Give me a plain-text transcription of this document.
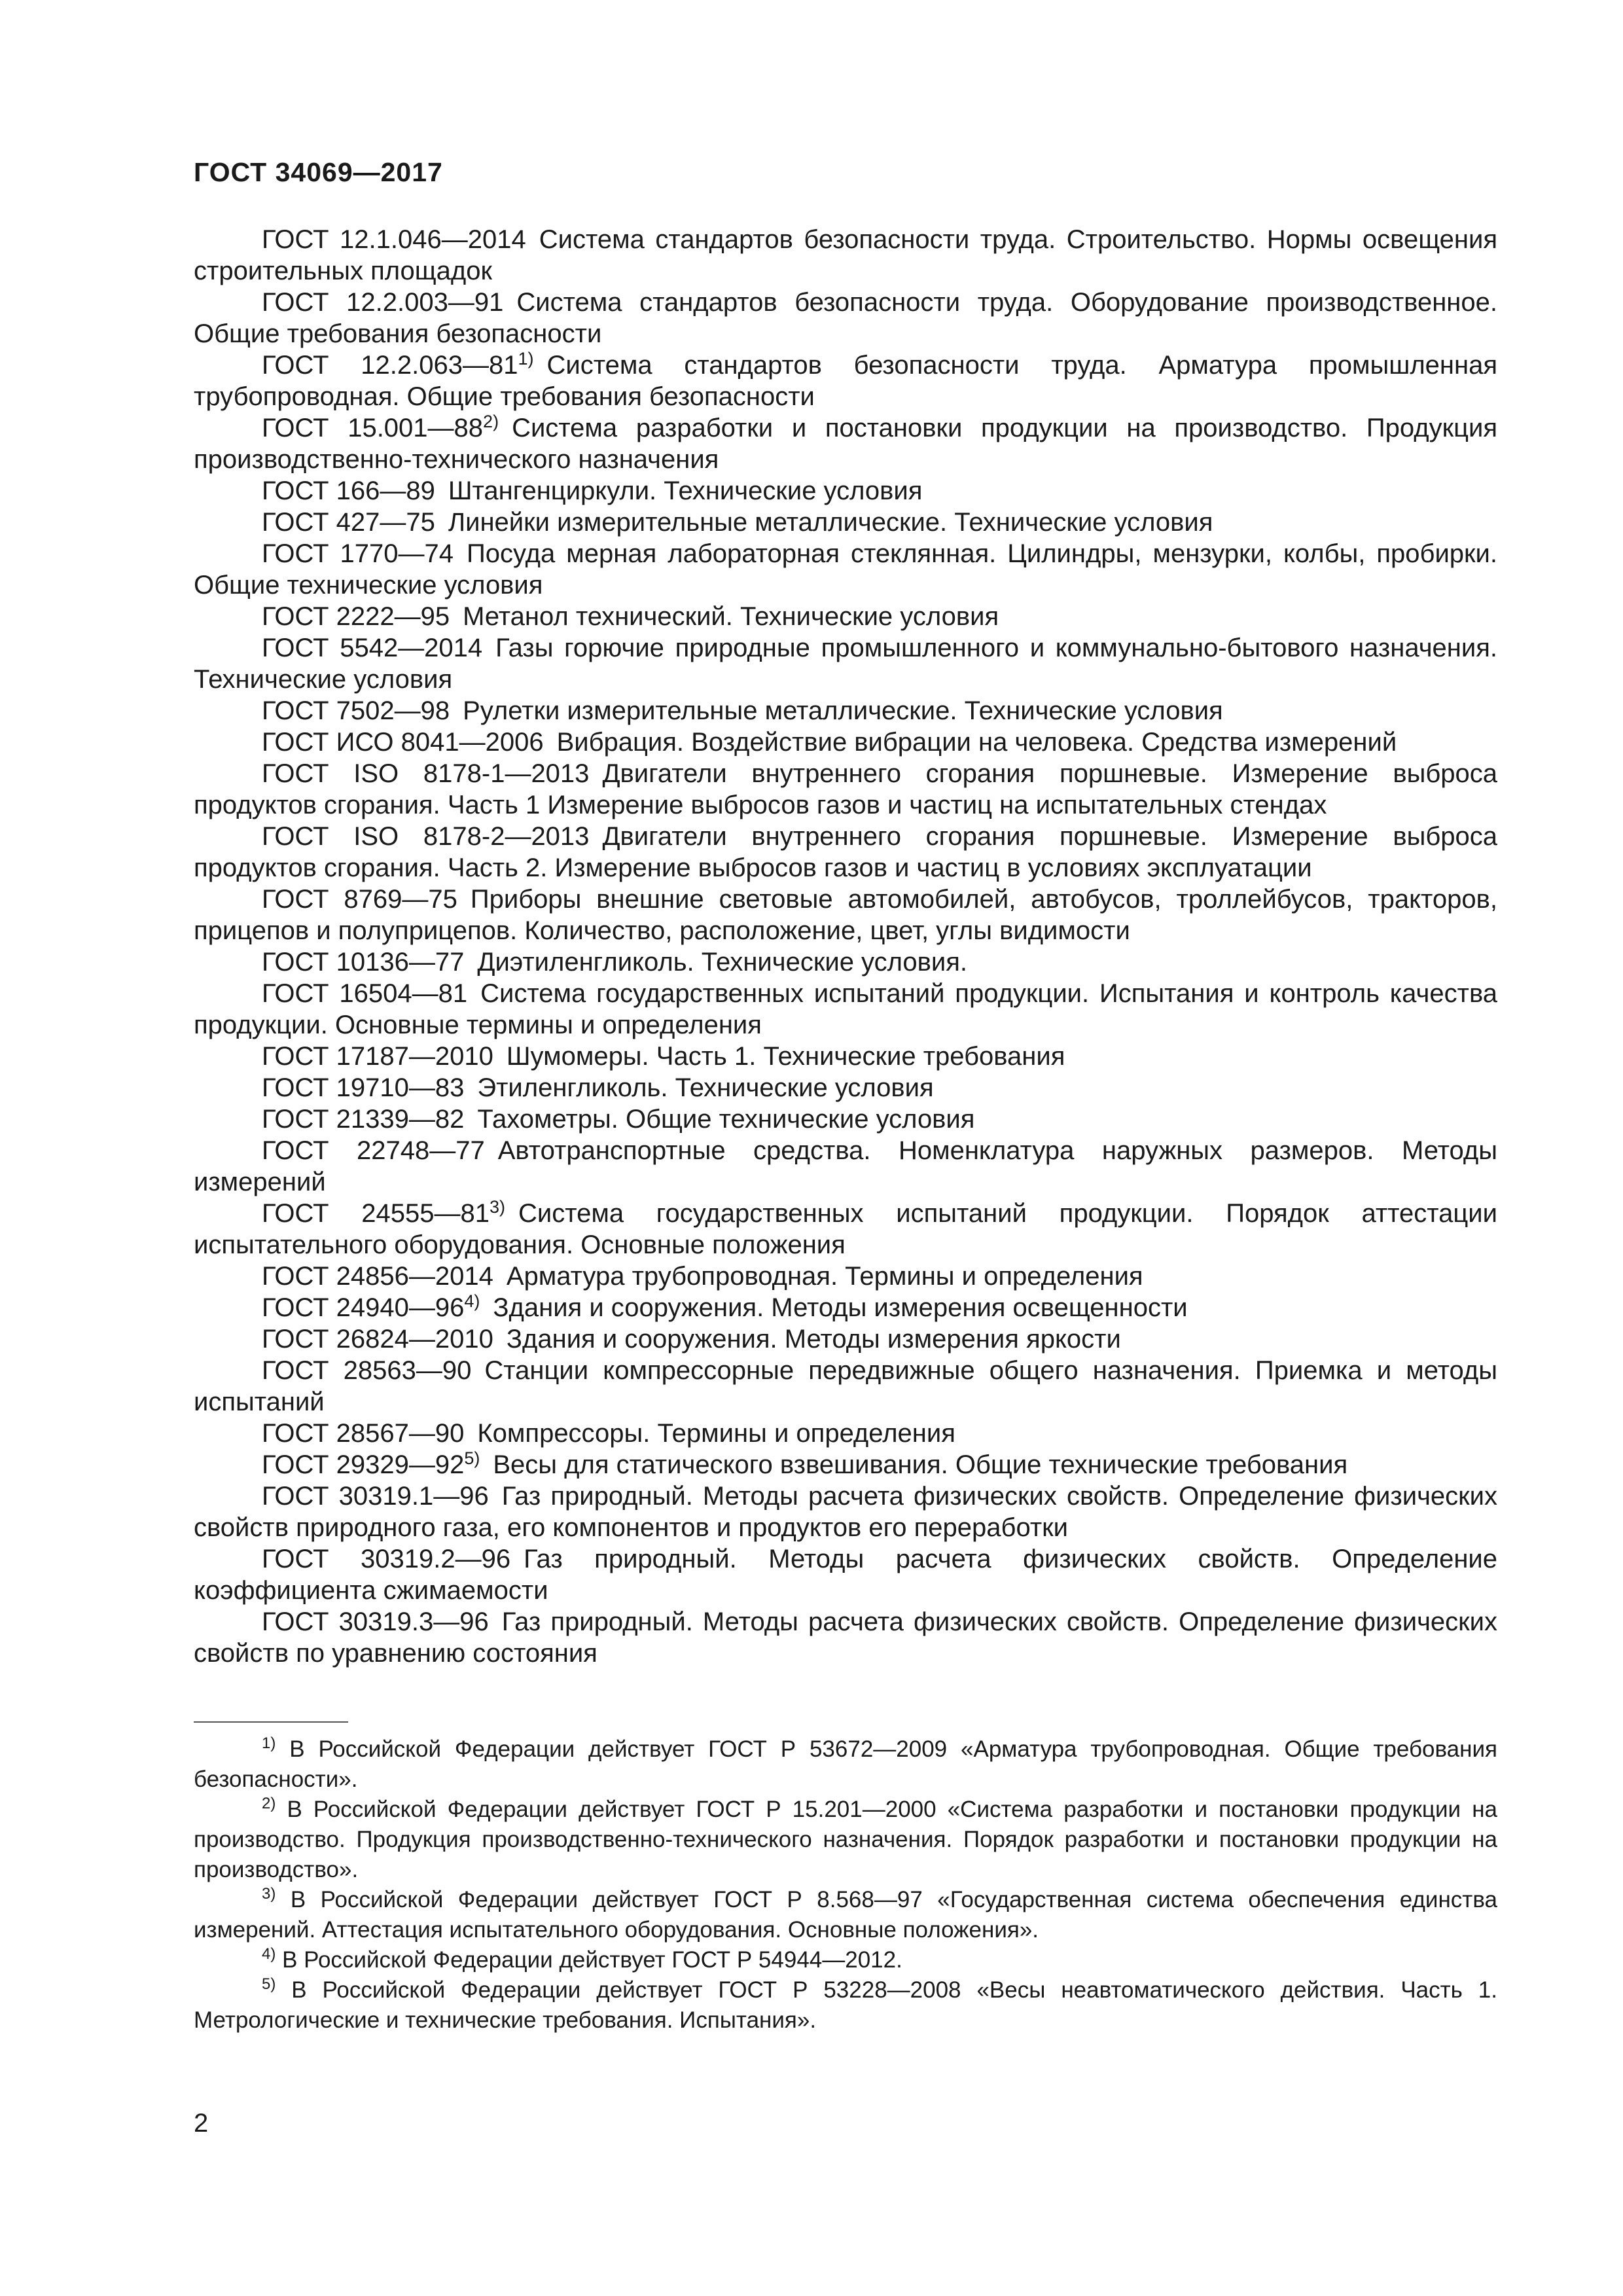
ГОСТ 34069—2017

ГОСТ 12.1.046—2014  Система стандартов безопасности труда. Строительство. Нормы освещения строительных площадок

ГОСТ 12.2.003—91  Система стандартов безопасности труда. Оборудование производственное. Общие требования безопасности

ГОСТ 12.2.063—81$^{1)}$  Система стандартов безопасности труда. Арматура промышленная трубопроводная. Общие требования безопасности

ГОСТ 15.001—88$^{2)}$  Система разработки и постановки продукции на производство. Продукция производственно-технического назначения

ГОСТ 166—89  Штангенциркули. Технические условия

ГОСТ 427—75  Линейки измерительные металлические. Технические условия

ГОСТ 1770—74  Посуда мерная лабораторная стеклянная. Цилиндры, мензурки, колбы, пробирки. Общие технические условия

ГОСТ 2222—95  Метанол технический. Технические условия

ГОСТ 5542—2014  Газы горючие природные промышленного и коммунально-бытового назначения. Технические условия

ГОСТ 7502—98  Рулетки измерительные металлические. Технические условия

ГОСТ ИСО 8041—2006  Вибрация. Воздействие вибрации на человека. Средства измерений

ГОСТ ISO 8178-1—2013  Двигатели внутреннего сгорания поршневые. Измерение выброса продуктов сгорания. Часть 1 Измерение выбросов газов и частиц на испытательных стендах

ГОСТ ISO 8178-2—2013  Двигатели внутреннего сгорания поршневые. Измерение выброса продуктов сгорания. Часть 2. Измерение выбросов газов и частиц в условиях эксплуатации

ГОСТ 8769—75  Приборы внешние световые автомобилей, автобусов, троллейбусов, тракторов, прицепов и полуприцепов. Количество, расположение, цвет, углы видимости

ГОСТ 10136—77  Диэтиленгликоль. Технические условия.

ГОСТ 16504—81  Система государственных испытаний продукции. Испытания и контроль качества продукции. Основные термины и определения

ГОСТ 17187—2010  Шумомеры. Часть 1. Технические требования

ГОСТ 19710—83  Этиленгликоль. Технические условия

ГОСТ 21339—82  Тахометры. Общие технические условия

ГОСТ 22748—77  Автотранспортные средства. Номенклатура наружных размеров. Методы измерений

ГОСТ 24555—81$^{3)}$  Система государственных испытаний продукции. Порядок аттестации испытательного оборудования. Основные положения

ГОСТ 24856—2014  Арматура трубопроводная. Термины и определения

ГОСТ 24940—96$^{4)}$  Здания и сооружения. Методы измерения освещенности

ГОСТ 26824—2010  Здания и сооружения. Методы измерения яркости

ГОСТ 28563—90  Станции компрессорные передвижные общего назначения. Приемка и методы испытаний

ГОСТ 28567—90  Компрессоры. Термины и определения

ГОСТ 29329—92$^{5)}$  Весы для статического взвешивания. Общие технические требования

ГОСТ 30319.1—96  Газ природный. Методы расчета физических свойств. Определение физических свойств природного газа, его компонентов и продуктов его переработки

ГОСТ 30319.2—96  Газ природный. Методы расчета физических свойств. Определение коэффициента сжимаемости

ГОСТ 30319.3—96  Газ природный. Методы расчета физических свойств. Определение физических свойств по уравнению состояния

$^{1)}$ В Российской Федерации действует ГОСТ Р 53672—2009 «Арматура трубопроводная. Общие требования безопасности».

$^{2)}$ В Российской Федерации действует ГОСТ Р 15.201—2000 «Система разработки и постановки продукции на производство. Продукция производственно-технического назначения. Порядок разработки и постановки продукции на производство».

$^{3)}$ В Российской Федерации действует ГОСТ Р 8.568—97 «Государственная система обеспечения единства измерений. Аттестация испытательного оборудования. Основные положения».

$^{4)}$ В Российской Федерации действует ГОСТ Р 54944—2012.

$^{5)}$ В Российской Федерации действует ГОСТ Р 53228—2008 «Весы неавтоматического действия. Часть 1. Метрологические и технические требования. Испытания».

2
